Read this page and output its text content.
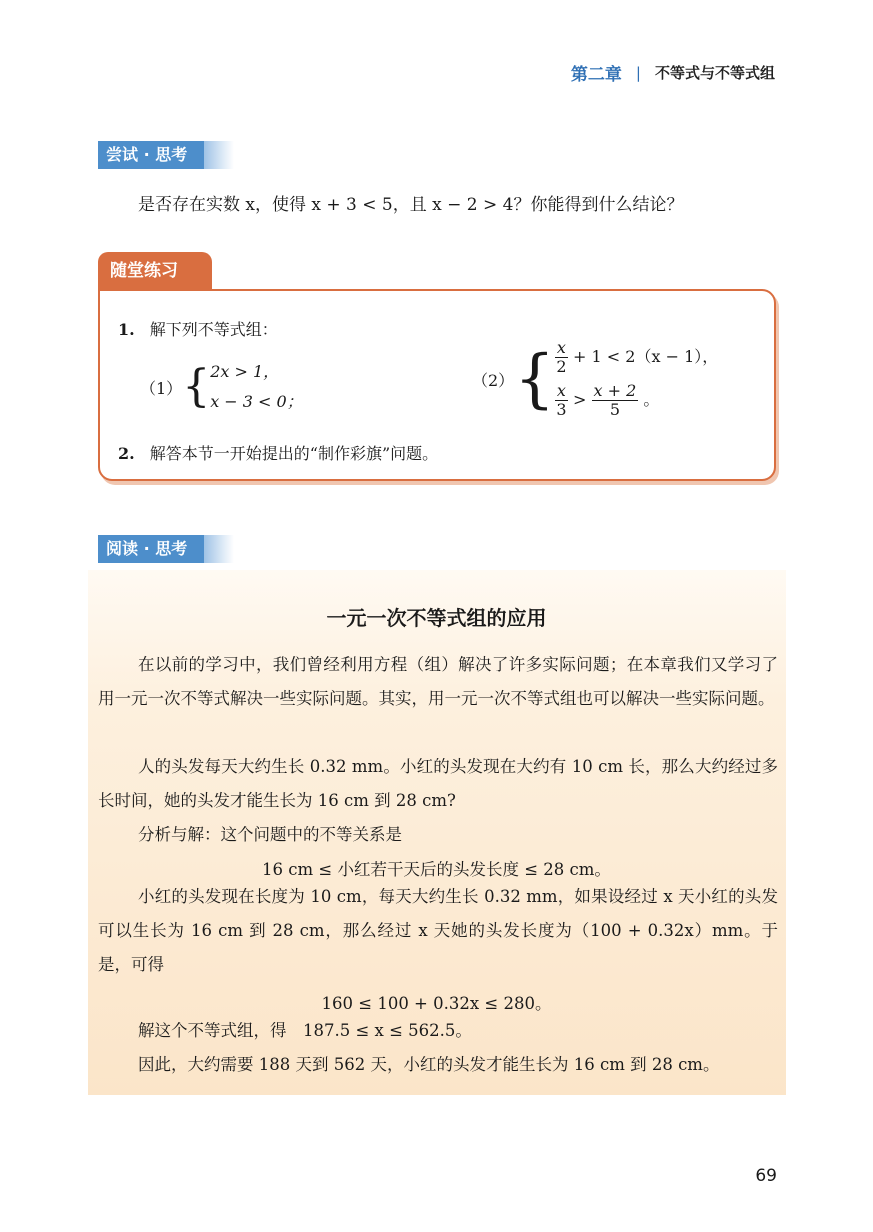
第二章 | 不等式与不等式组
尝试 · 思考
是否存在实数 x，使得 x + 3 < 5，且 x − 2 > 4？你能得到什么结论？
随堂练习
1. 解下列不等式组：
（1） { 2x > 1，
x − 3 < 0；
（2） { $\frac{x}{2} + 1 < 2(x - 1)$，
$\frac{x}{3} > \frac{x + 2}{5}$ 。
2. 解答本节一开始提出的“制作彩旗”问题。
阅读 · 思考
一元一次不等式组的应用
在以前的学习中，我们曾经利用方程（组）解决了许多实际问题；在本章我们又学习了用一元一次不等式解决一些实际问题。其实，用一元一次不等式组也可以解决一些实际问题。
人的头发每天大约生长 0.32 mm。小红的头发现在大约有 10 cm 长，那么大约经过多长时间，她的头发才能生长为 16 cm 到 28 cm?
分析与解：这个问题中的不等关系是
16 cm ≤ 小红若干天后的头发长度 ≤ 28 cm。
小红的头发现在长度为 10 cm，每天大约生长 0.32 mm，如果设经过 x 天小红的头发可以生长为 16 cm 到 28 cm，那么经过 x 天她的头发长度为（100 + 0.32x）mm。于是，可得
160 ≤ 100 + 0.32x ≤ 280。
解这个不等式组，得　187.5 ≤ x ≤ 562.5。
因此，大约需要 188 天到 562 天，小红的头发才能生长为 16 cm 到 28 cm。
69
